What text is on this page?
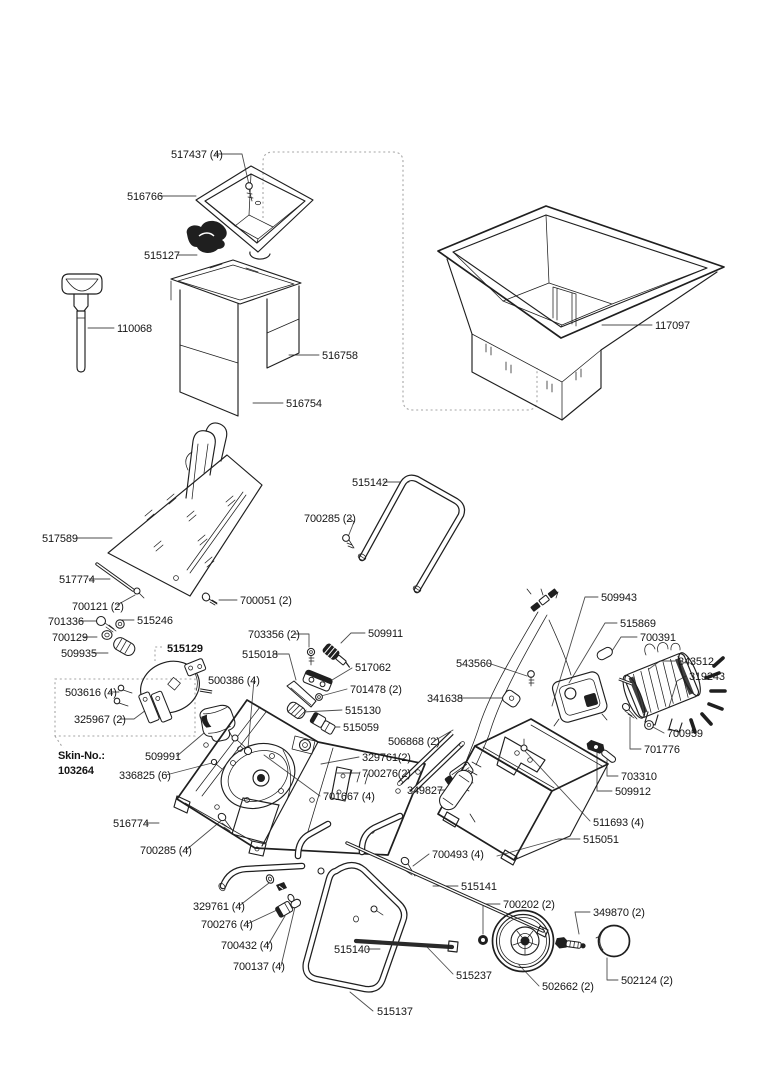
517437 (4)
516766
515127
110068
516758
516754
117097
515142
700285 (2)
517589
517774
700121 (2)	700051 (2)
701336	515246
700129
509935	515129
703356 (2)	509911
515018
517062
500386 (4)
701478 (2)
503616 (4)
515130
325967 (2)
515059
543560
341638
509943
515869
700391
343512
319243
700959
701776
506868 (2)
349827
703310
509912
511693 (4)
515051
Skin-No.:
103264
509991
336825 (6)
329761(2)
700276(2)
701667 (4)
516774
700285 (4)	700493 (4)
515141
329761 (4)
700276 (4)
700432 (4)
700137 (4)
515140
700202 (2)
349870 (2)
515237
502662 (2) 502124 (2)
515137
